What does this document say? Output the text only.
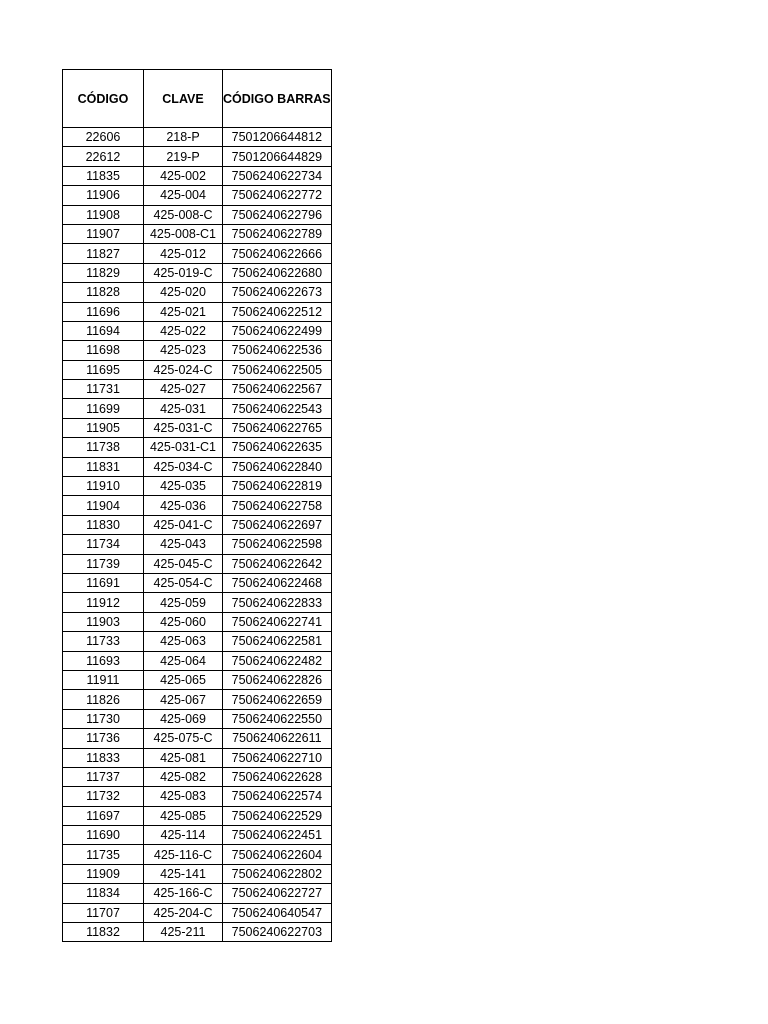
CÓDIGO	CLAVE	CÓDIGO BARRAS
22606	218-P	7501206644812
22612	219-P	7501206644829
11835	425-002	7506240622734
11906	425-004	7506240622772
11908	425-008-C	7506240622796
11907	425-008-C1	7506240622789
11827	425-012	7506240622666
11829	425-019-C	7506240622680
11828	425-020	7506240622673
11696	425-021	7506240622512
11694	425-022	7506240622499
11698	425-023	7506240622536
11695	425-024-C	7506240622505
11731	425-027	7506240622567
11699	425-031	7506240622543
11905	425-031-C	7506240622765
11738	425-031-C1	7506240622635
11831	425-034-C	7506240622840
11910	425-035	7506240622819
11904	425-036	7506240622758
11830	425-041-C	7506240622697
11734	425-043	7506240622598
11739	425-045-C	7506240622642
11691	425-054-C	7506240622468
11912	425-059	7506240622833
11903	425-060	7506240622741
11733	425-063	7506240622581
11693	425-064	7506240622482
11911	425-065	7506240622826
11826	425-067	7506240622659
11730	425-069	7506240622550
11736	425-075-C	7506240622611
11833	425-081	7506240622710
11737	425-082	7506240622628
11732	425-083	7506240622574
11697	425-085	7506240622529
11690	425-114	7506240622451
11735	425-116-C	7506240622604
11909	425-141	7506240622802
11834	425-166-C	7506240622727
11707	425-204-C	7506240640547
11832	425-211	7506240622703
